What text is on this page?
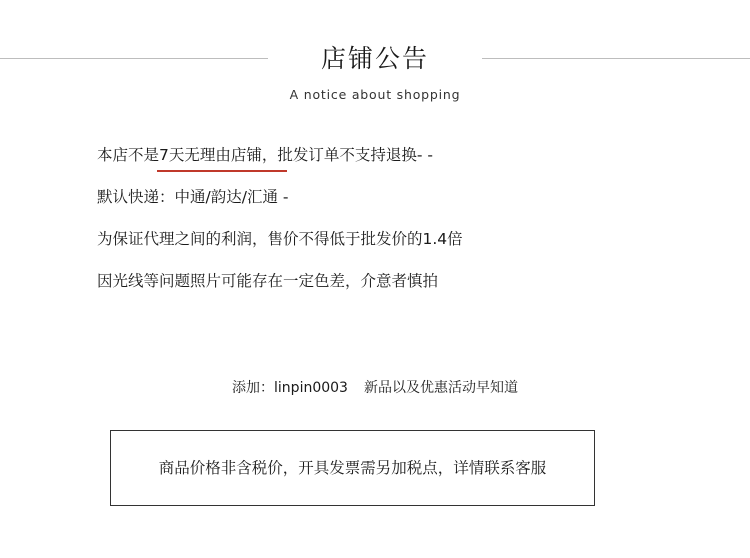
店铺公告
A notice about shopping
本店不是7天无理由店铺，批发订单不支持退换- -
默认快递：中通/韵达/汇通 -
为保证代理之间的利润，售价不得低于批发价的1.4倍
因光线等问题照片可能存在一定色差，介意者慎拍
添加：linpin0003 新品以及优惠活动早知道
商品价格非含税价，开具发票需另加税点，详情联系客服
